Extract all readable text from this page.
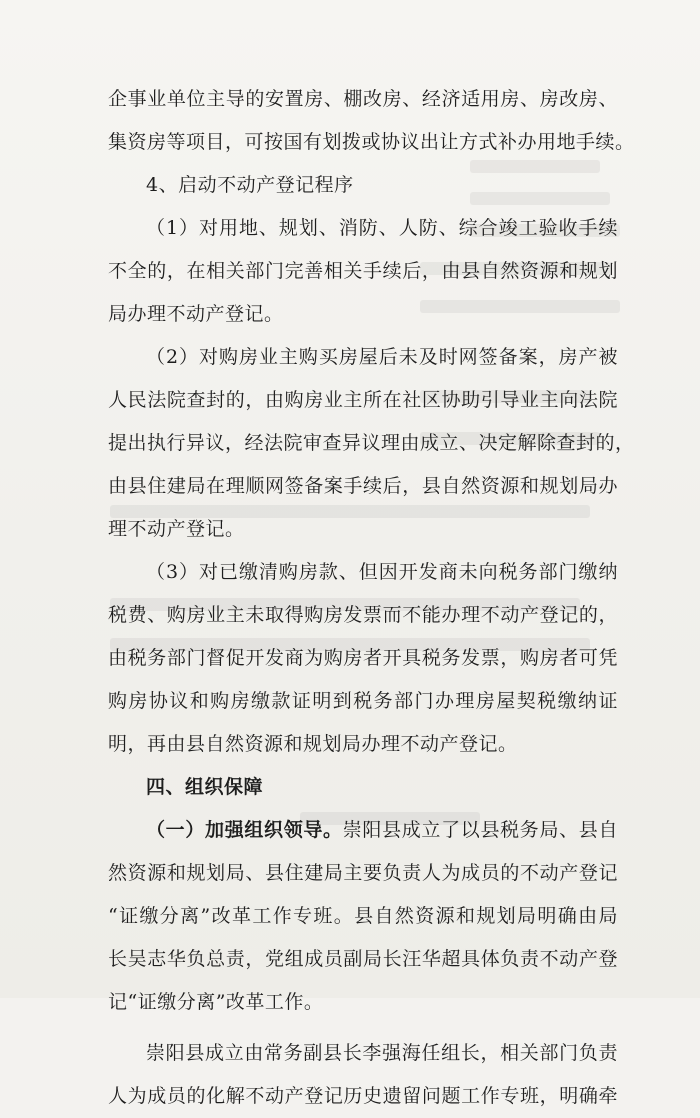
企事业单位主导的安置房、棚改房、经济适用房、房改房、
集资房等项目，可按国有划拨或协议出让方式补办用地手续。
4、启动不动产登记程序
（1）对用地、规划、消防、人防、综合竣工验收手续
不全的，在相关部门完善相关手续后，由县自然资源和规划
局办理不动产登记。
（2）对购房业主购买房屋后未及时网签备案，房产被
人民法院查封的，由购房业主所在社区协助引导业主向法院
提出执行异议，经法院审查异议理由成立、决定解除查封的，
由县住建局在理顺网签备案手续后，县自然资源和规划局办
理不动产登记。
（3）对已缴清购房款、但因开发商未向税务部门缴纳
税费、购房业主未取得购房发票而不能办理不动产登记的，
由税务部门督促开发商为购房者开具税务发票，购房者可凭
购房协议和购房缴款证明到税务部门办理房屋契税缴纳证
明，再由县自然资源和规划局办理不动产登记。
四、组织保障
（一）加强组织领导。崇阳县成立了以县税务局、县自
然资源和规划局、县住建局主要负责人为成员的不动产登记
“证缴分离”改革工作专班。县自然资源和规划局明确由局
长吴志华负总责，党组成员副局长汪华超具体负责不动产登
记“证缴分离”改革工作。
崇阳县成立由常务副县长李强海任组长，相关部门负责
人为成员的化解不动产登记历史遗留问题工作专班，明确牵
